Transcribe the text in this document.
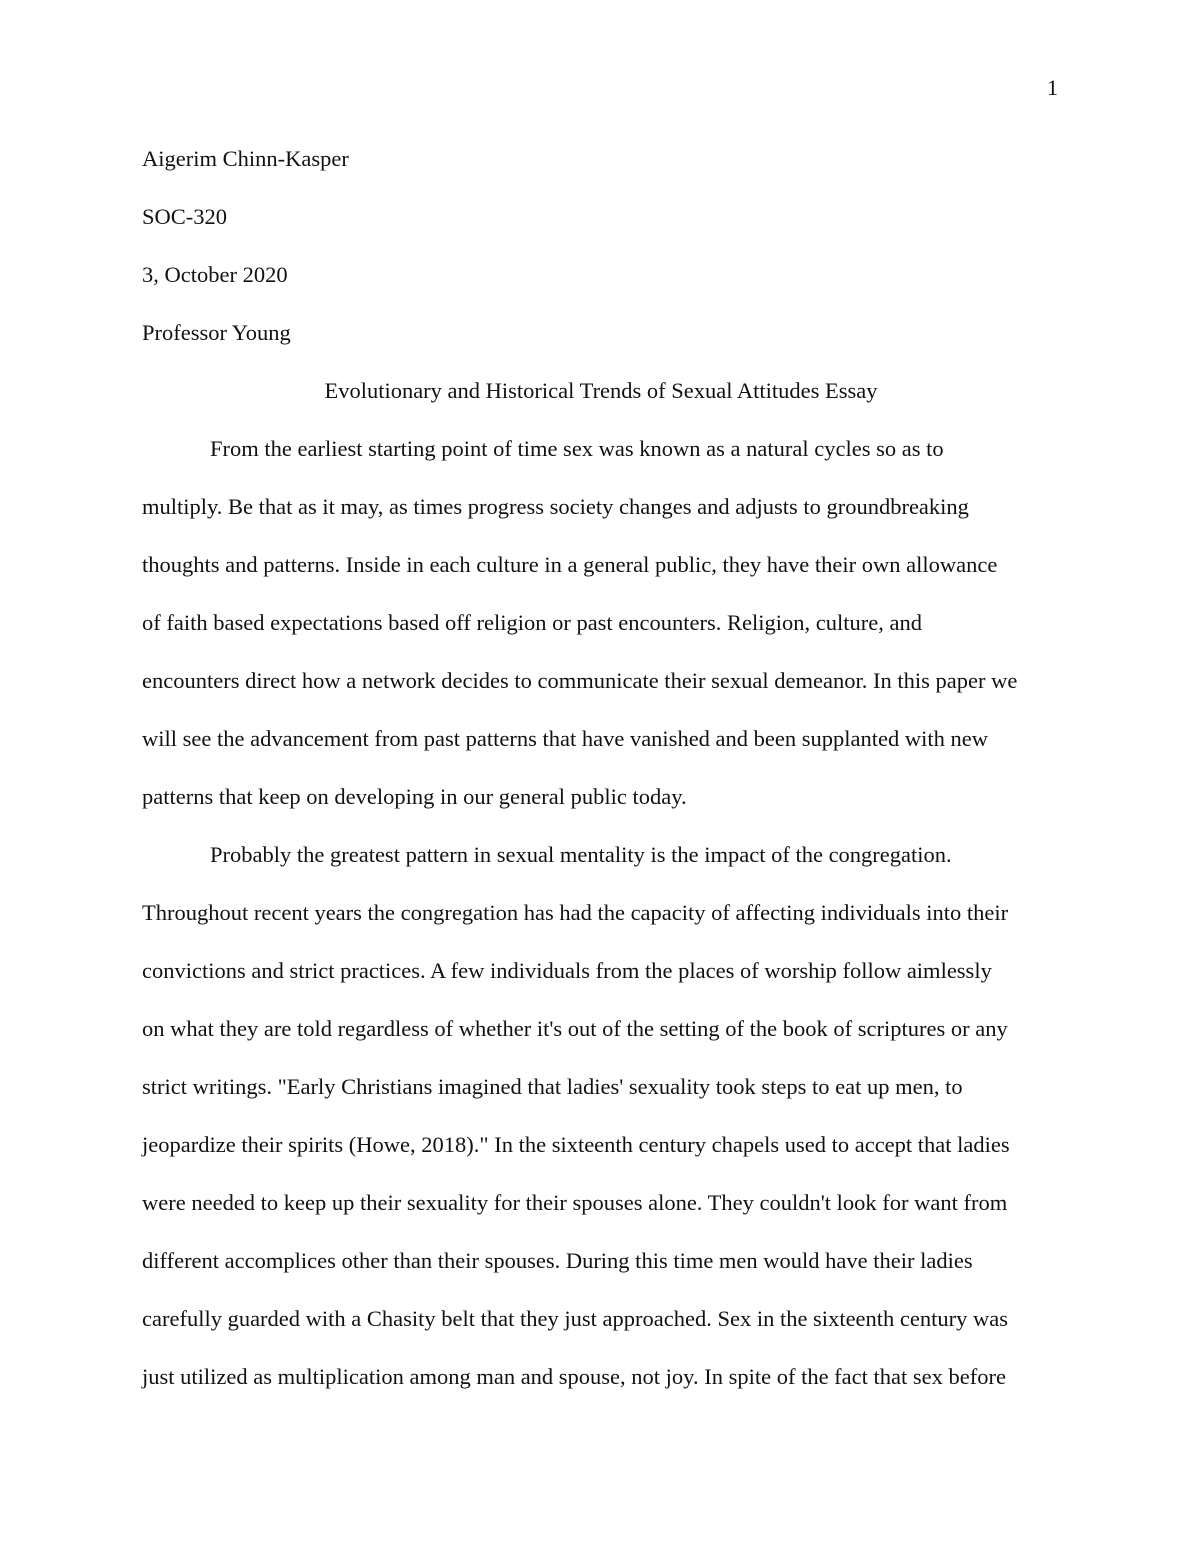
1
Aigerim Chinn-Kasper
SOC-320
3, October 2020
Professor Young
Evolutionary and Historical Trends of Sexual Attitudes Essay
From the earliest starting point of time sex was known as a natural cycles so as to
multiply. Be that as it may, as times progress society changes and adjusts to groundbreaking
thoughts and patterns. Inside in each culture in a general public, they have their own allowance
of faith based expectations based off religion or past encounters. Religion, culture, and
encounters direct how a network decides to communicate their sexual demeanor. In this paper we
will see the advancement from past patterns that have vanished and been supplanted with new
patterns that keep on developing in our general public today.
Probably the greatest pattern in sexual mentality is the impact of the congregation.
Throughout recent years the congregation has had the capacity of affecting individuals into their
convictions and strict practices. A few individuals from the places of worship follow aimlessly
on what they are told regardless of whether it's out of the setting of the book of scriptures or any
strict writings. "Early Christians imagined that ladies' sexuality took steps to eat up men, to
jeopardize their spirits (Howe, 2018)." In the sixteenth century chapels used to accept that ladies
were needed to keep up their sexuality for their spouses alone. They couldn't look for want from
different accomplices other than their spouses. During this time men would have their ladies
carefully guarded with a Chasity belt that they just approached. Sex in the sixteenth century was
just utilized as multiplication among man and spouse, not joy. In spite of the fact that sex before
